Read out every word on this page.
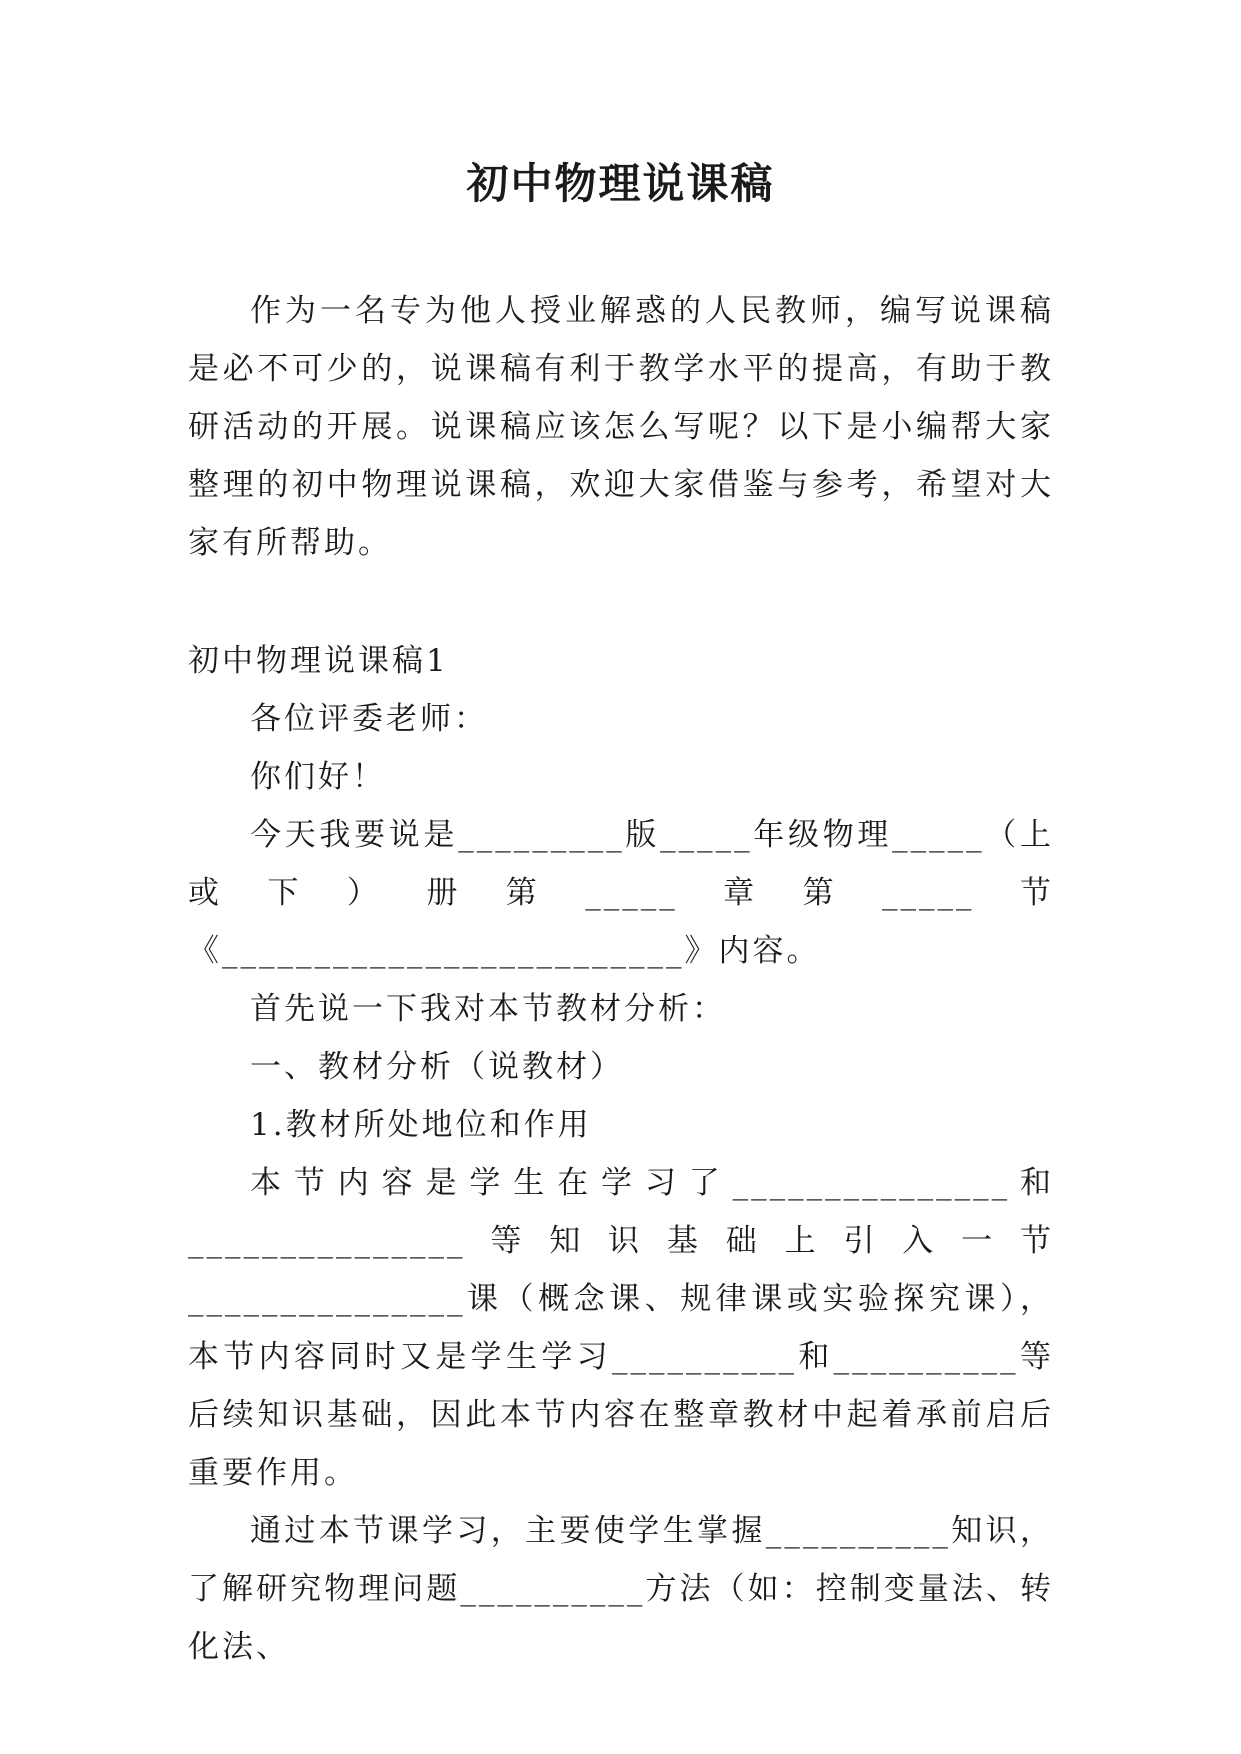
初中物理说课稿

作为一名专为他人授业解惑的人民教师，编写说课稿是必不可少的，说课稿有利于教学水平的提高，有助于教研活动的开展。说课稿应该怎么写呢？以下是小编帮大家整理的初中物理说课稿，欢迎大家借鉴与参考，希望对大家有所帮助。

初中物理说课稿1

各位评委老师：

你们好！

今天我要说是_________版_____年级物理_____（上或下）册第_____章第_____节《_________________________》内容。

首先说一下我对本节教材分析：

一、教材分析（说教材）

1.教材所处地位和作用

本节内容是学生在学习了_______________和_______________等知识基础上引入一节_______________课（概念课、规律课或实验探究课），本节内容同时又是学生学习__________和__________等后续知识基础，因此本节内容在整章教材中起着承前启后重要作用。

通过本节课学习，主要使学生掌握__________知识，了解研究物理问题__________方法（如：控制变量法、转化法、
